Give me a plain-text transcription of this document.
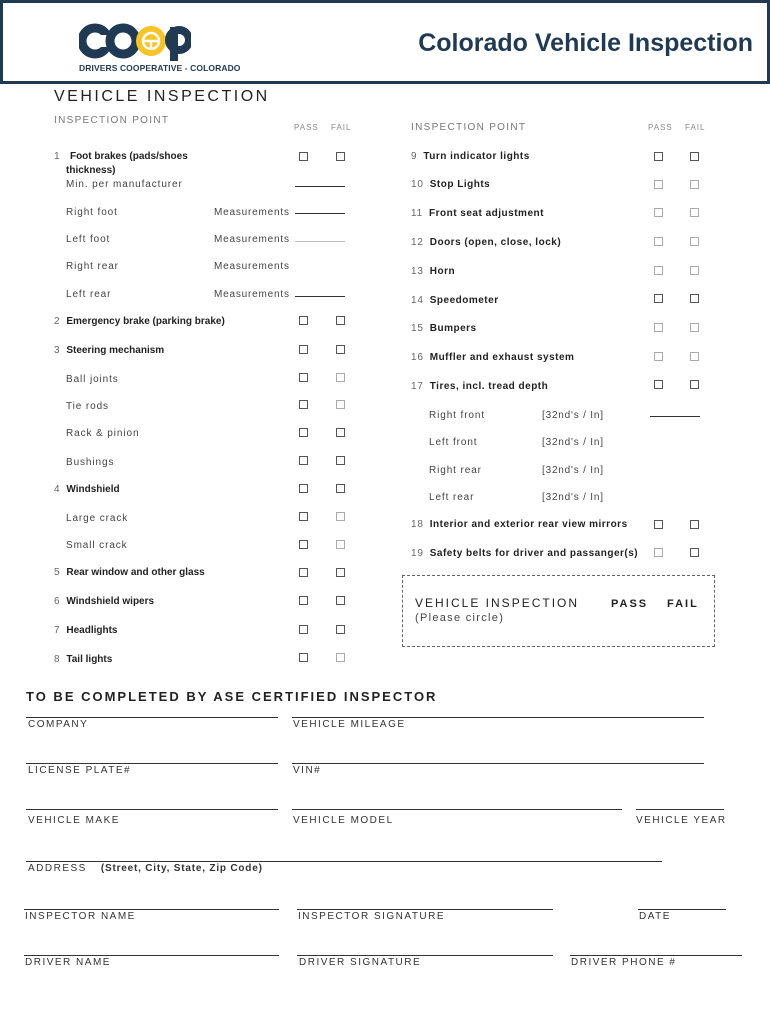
DRIVERS COOPERATIVE - COLORADO
Colorado Vehicle Inspection
VEHICLE INSPECTION
INSPECTION POINT
PASS FAIL	INSPECTION POINT	PASS FAIL
1 Foot brakes (pads/shoes
thickness)
Min. per manufacturer
Right foot	Measurements
Left foot	Measurements
Right rear	Measurements
Left rear	Measurements
2 Emergency brake (parking brake)
3 Steering mechanism
Ball joints
Tie rods
Rack & pinion
Bushings
4 Windshield
Large crack
Small crack
5 Rear window and other glass
6 Windshield wipers
7 Headlights
8 Tail lights
9 Turn indicator lights
10 Stop Lights
11 Front seat adjustment
12 Doors (open, close, lock)
13 Horn
14 Speedometer
15 Bumpers
16 Muffler and exhaust system
17 Tires, incl. tread depth
Right front	[32nd's / In]
Left front	[32nd's / In]
Right rear	[32nd's / In]
Left rear	[32nd's / In]
18 Interior and exterior rear view mirrors
19 Safety belts for driver and passanger(s)
VEHICLE INSPECTION
(Please circle)
PASS FAIL
TO BE COMPLETED BY ASE CERTIFIED INSPECTOR
COMPANY	VEHICLE MILEAGE
LICENSE PLATE#	VIN#
VEHICLE MAKE	VEHICLE MODEL	VEHICLE YEAR
ADDRESS (Street, City, State, Zip Code)
INSPECTOR NAME	INSPECTOR SIGNATURE	DATE
DRIVER NAME	DRIVER SIGNATURE	DRIVER PHONE #
